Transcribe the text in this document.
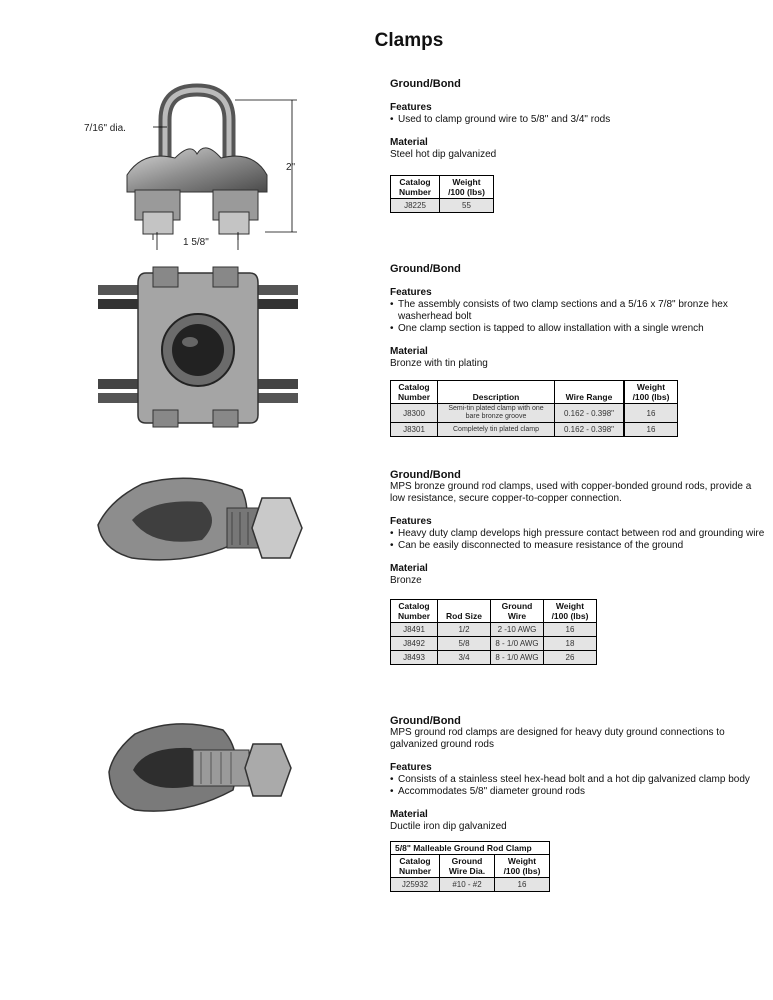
Clamps
7/16" dia.
2"
1 5/8"
Ground/Bond
Features
• Used to clamp ground wire to 5/8" and 3/4" rods
Material
Steel hot dip galvanized
Catalog Number	Weight /100 (lbs)
J8225	55
Ground/Bond
Features
• The assembly consists of two clamp sections and a 5/16 x 7/8" bronze hex washerhead bolt
• One clamp section is tapped to allow installation with a single wrench
Material
Bronze with tin plating
Catalog Number	Description	Wire Range	Weight /100 (lbs)
J8300	Semi-tin plated clamp with one bare bronze groove	0.162 - 0.398"	16
J8301	Completely tin plated clamp	0.162 - 0.398"	16
Ground/Bond
MPS bronze ground rod clamps, used with copper-bonded ground rods, provide a low resistance, secure copper-to-copper connection.
Features
• Heavy duty clamp develops high pressure contact between rod and grounding wire
• Can be easily disconnected to measure resistance of the ground
Material
Bronze
Catalog Number	Rod Size	Ground Wire	Weight /100 (lbs)
J8491	1/2	2 -10 AWG	16
J8492	5/8	8 - 1/0 AWG	18
J8493	3/4	8 - 1/0 AWG	26
Ground/Bond
MPS ground rod clamps are designed for heavy duty ground connections to galvanized ground rods
Features
• Consists of a stainless steel hex-head bolt and a hot dip galvanized clamp body
• Accommodates 5/8" diameter ground rods
Material
Ductile iron dip galvanized
5/8" Malleable Ground Rod Clamp		
Catalog Number	Ground Wire Dia.	Weight /100 (lbs)
J25932	#10 - #2	16
